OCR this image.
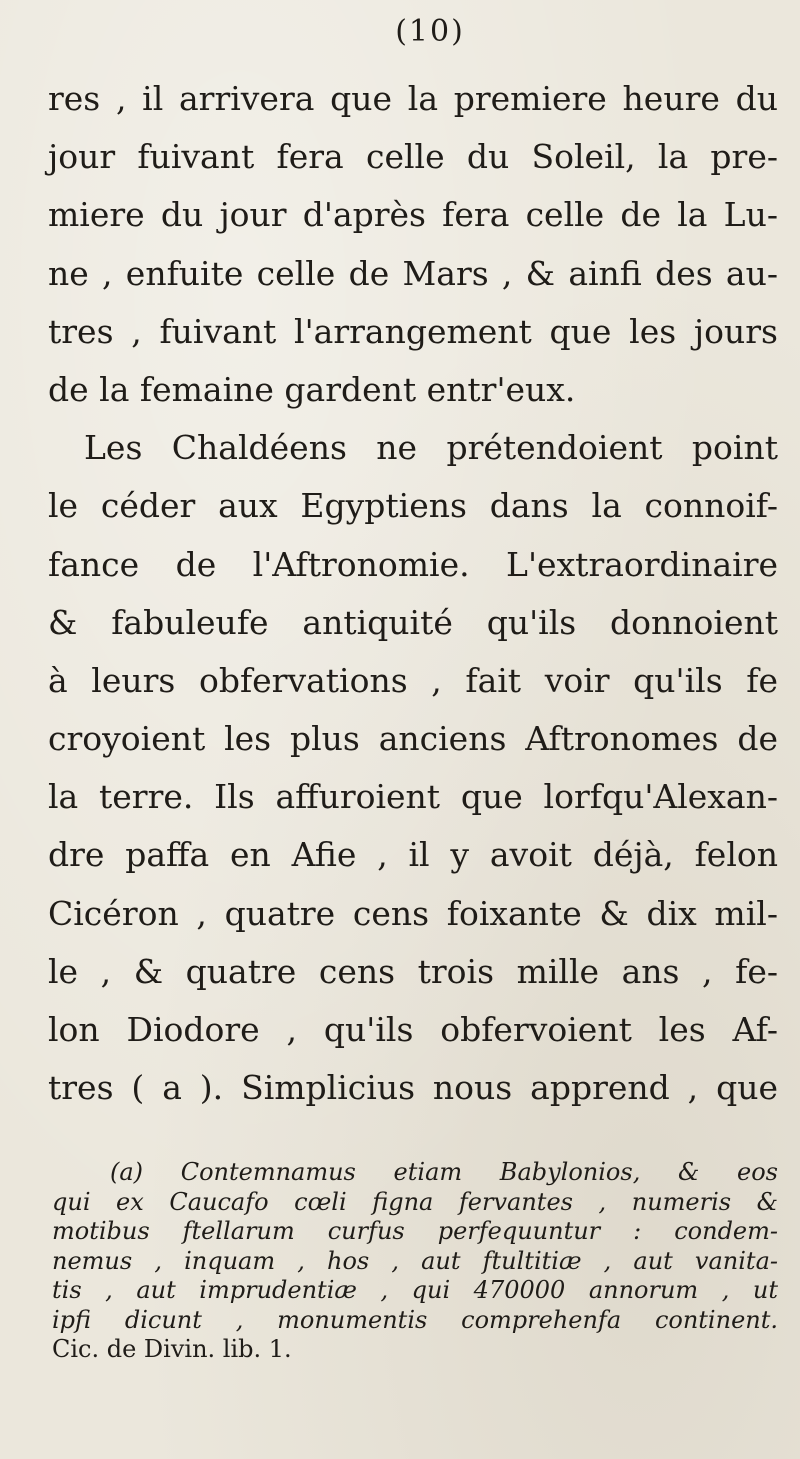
(10)
res , il arrivera que la premiere heure du
jour fuivant fera celle du Soleil, la pre-
miere du jour d'après fera celle de la Lu-
ne , enfuite celle de Mars , & ainfi des au-
tres , fuivant l'arrangement que les jours
de la femaine gardent entr'eux.
Les Chaldéens ne prétendoient point
le céder aux Egyptiens dans la connoif-
fance de l'Aftronomie. L'extraordinaire
& fabuleufe antiquité qu'ils donnoient
à leurs obfervations , fait voir qu'ils fe
croyoient les plus anciens Aftronomes de
la terre. Ils affuroient que lorfqu'Alexan-
dre paffa en Afie , il y avoit déjà, felon
Cicéron , quatre cens foixante & dix mil-
le , & quatre cens trois mille ans , fe-
lon Diodore , qu'ils obfervoient les Af-
tres ( a ). Simplicius nous apprend , que
(a) Contemnamus etiam Babylonios, & eos
qui ex Caucafo cœli figna fervantes , numeris &
motibus ftellarum curfus perfequuntur : condem-
nemus , inquam , hos , aut ftultitiæ , aut vanita-
tis , aut imprudentiæ , qui 470000 annorum , ut
ipfi dicunt , monumentis comprehenfa continent.
Cic. de Divin. lib. 1.
